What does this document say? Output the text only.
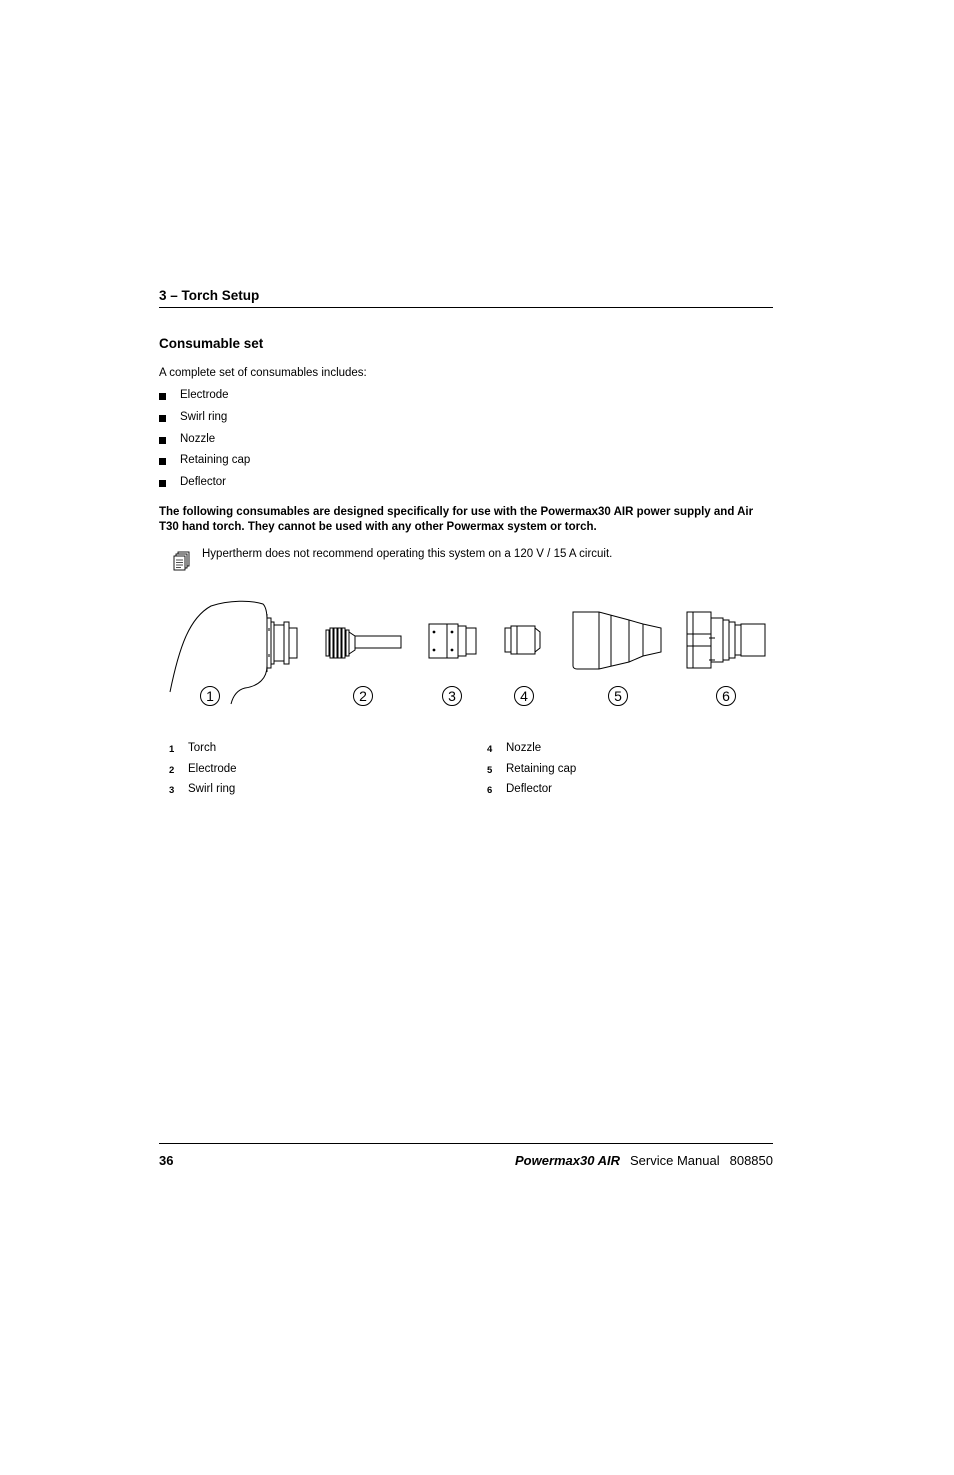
3 – Torch Setup
Consumable set
A complete set of consumables includes:
Electrode
Swirl ring
Nozzle
Retaining cap
Deflector
The following consumables are designed specifically for use with the Powermax30 AIR power supply and Air T30 hand torch. They cannot be used with any other Powermax system or torch.
Hypertherm does not recommend operating this system on a 120 V / 15 A circuit.
1	2	3	4	5	6
1 Torch
2 Electrode
3 Swirl ring
4 Nozzle
5 Retaining cap
6 Deflector
36	Powermax30 AIR Service Manual 808850
